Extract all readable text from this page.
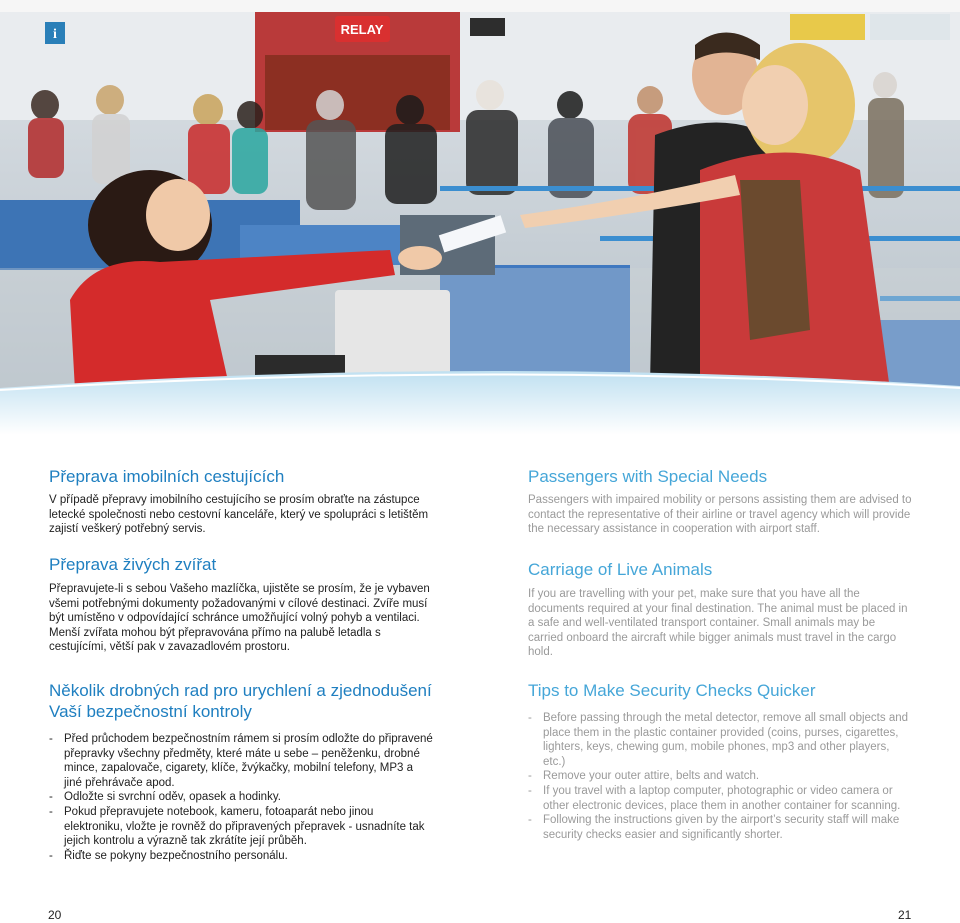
RELAY
i
Přeprava imobilních cestujících

V případě přepravy imobilního cestujícího se prosím obraťte na zástupce letecké společnosti nebo cestovní kanceláře, který ve spolupráci s letištěm zajistí veškerý potřebný servis.

Přeprava živých zvířat

Přepravujete-li s sebou Vašeho mazlíčka, ujistěte se prosím, že je vybaven všemi potřebnými dokumenty požadovanými v cílové destinaci. Zvíře musí být umístěno v odpovídající schránce umožňující volný pohyb a ventilaci. Menší zvířata mohou být přepravována přímo na palubě letadla s cestujícími, větší pak v zavazadlovém prostoru.

Několik drobných rad pro urychlení a zjednodušení Vaší bezpečnostní kontroly
- Před průchodem bezpečnostním rámem si prosím odložte do připravené přepravky všechny předměty, které máte u sebe – peněženku, drobné mince, zapalovače, cigarety, klíče, žvýkačky, mobilní telefony, MP3 a jiné přehrávače apod.
- Odložte si svrchní oděv, opasek a hodinky.
- Pokud přepravujete notebook, kameru, fotoaparát nebo jinou elektroniku, vložte je rovněž do připravených přepravek - usnadníte tak jejich kontrolu a výrazně tak zkrátíte její průběh.
- Řiďte se pokyny bezpečnostního personálu.
Passengers with Special Needs

Passengers with impaired mobility or persons assisting them are advised to contact the representative of their airline or travel agency which will provide the necessary assistance in cooperation with airport staff.

Carriage of Live Animals

If you are travelling with your pet, make sure that you have all the documents required at your final destination. The animal must be placed in a safe and well-ventilated transport container. Small animals may be carried onboard the aircraft while bigger animals must travel in the cargo hold.

Tips to Make Security Checks Quicker
- Before passing through the metal detector, remove all small objects and place them in the plastic container provided (coins, purses, cigarettes, lighters, keys, chewing gum, mobile phones, mp3 and other players, etc.)
- Remove your outer attire, belts and watch.
- If you travel with a laptop computer, photographic or video camera or other electronic devices, place them in another container for scanning.
- Following the instructions given by the airport’s security staff will make security checks easier and significantly shorter.
20	21
